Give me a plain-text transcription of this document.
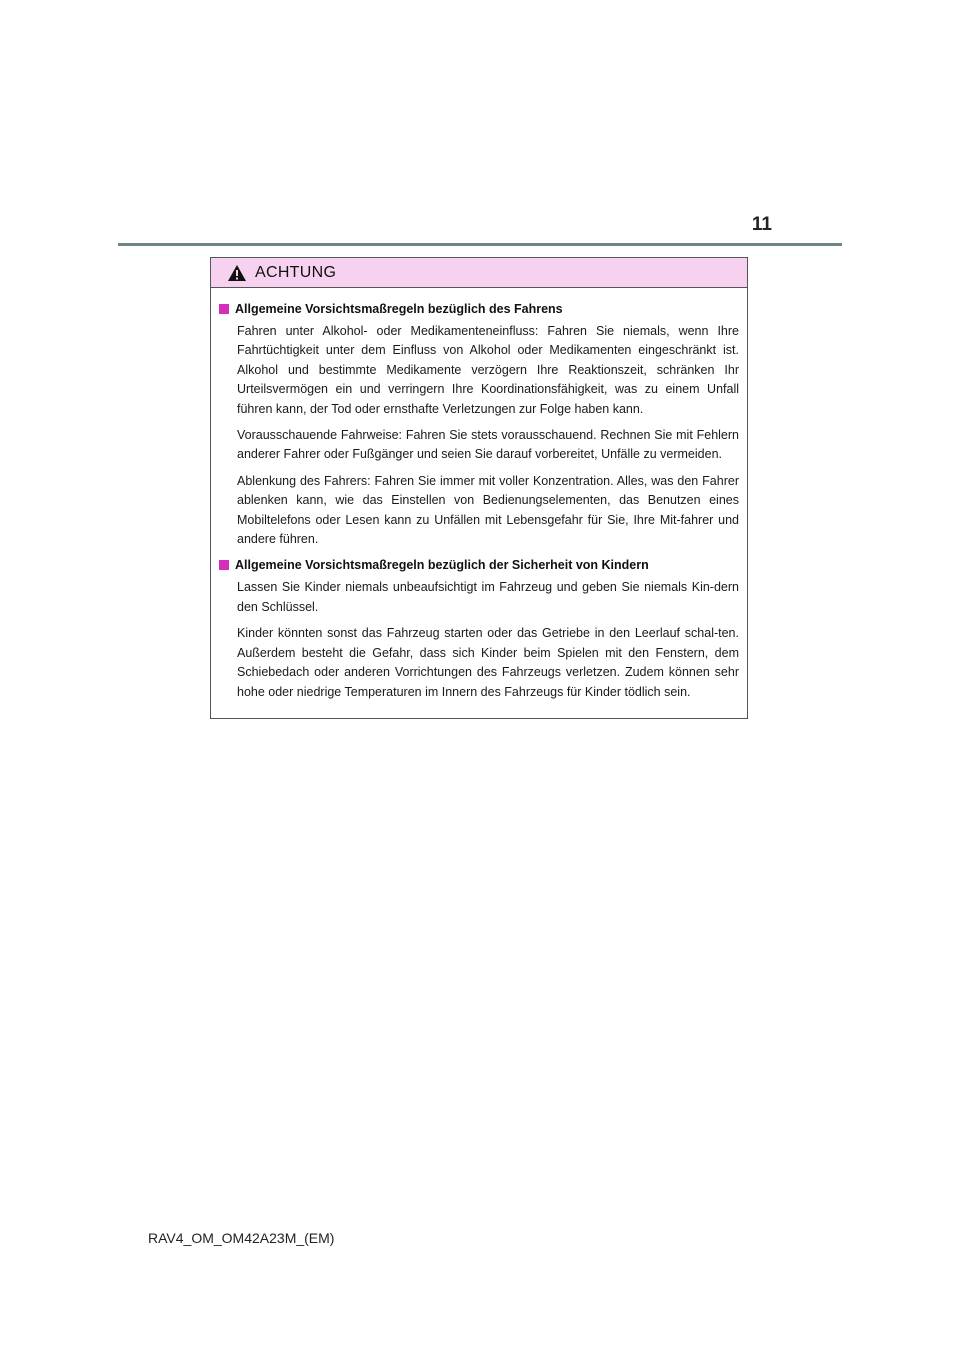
11
ACHTUNG
Allgemeine Vorsichtsmaßregeln bezüglich des Fahrens

Fahren unter Alkohol- oder Medikamenteneinfluss: Fahren Sie niemals, wenn Ihre Fahrtüchtigkeit unter dem Einfluss von Alkohol oder Medikamenten eingeschränkt ist. Alkohol und bestimmte Medikamente verzögern Ihre Reaktionszeit, schränken Ihr Urteilsvermögen ein und verringern Ihre Koordinationsfähigkeit, was zu einem Unfall führen kann, der Tod oder ernsthafte Verletzungen zur Folge haben kann.

Vorausschauende Fahrweise: Fahren Sie stets vorausschauend. Rechnen Sie mit Fehlern anderer Fahrer oder Fußgänger und seien Sie darauf vorbereitet, Unfälle zu vermeiden.

Ablenkung des Fahrers: Fahren Sie immer mit voller Konzentration. Alles, was den Fahrer ablenken kann, wie das Einstellen von Bedienungselementen, das Benutzen eines Mobiltelefons oder Lesen kann zu Unfällen mit Lebensgefahr für Sie, Ihre Mit-fahrer und andere führen.

Allgemeine Vorsichtsmaßregeln bezüglich der Sicherheit von Kindern

Lassen Sie Kinder niemals unbeaufsichtigt im Fahrzeug und geben Sie niemals Kin-dern den Schlüssel.

Kinder könnten sonst das Fahrzeug starten oder das Getriebe in den Leerlauf schal-ten. Außerdem besteht die Gefahr, dass sich Kinder beim Spielen mit den Fenstern, dem Schiebedach oder anderen Vorrichtungen des Fahrzeugs verletzen. Zudem können sehr hohe oder niedrige Temperaturen im Innern des Fahrzeugs für Kinder tödlich sein.

RAV4_OM_OM42A23M_(EM)
